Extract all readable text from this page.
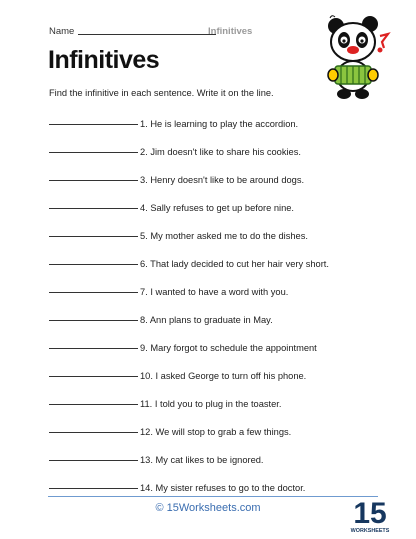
Name	Infinitives
Infinitives
Find the infinitive in each sentence. Write it on the line.
1. He is learning to play the accordion.
2. Jim doesn't like to share his cookies.
3. Henry doesn't like to be around dogs.
4. Sally refuses to get up before nine.
5. My mother asked me to do the dishes.
6. That lady decided to cut her hair very short.
7. I wanted to have a word with you.
8. Ann plans to graduate in May.
9. Mary forgot to schedule the appointment
10. I asked George to turn off his phone.
11. I told you to plug in the toaster.
12. We will stop to grab a few things.
13. My cat likes to be ignored.
14. My sister refuses to go to the doctor.
© 15Worksheets.com	15
WORKSHEETS
